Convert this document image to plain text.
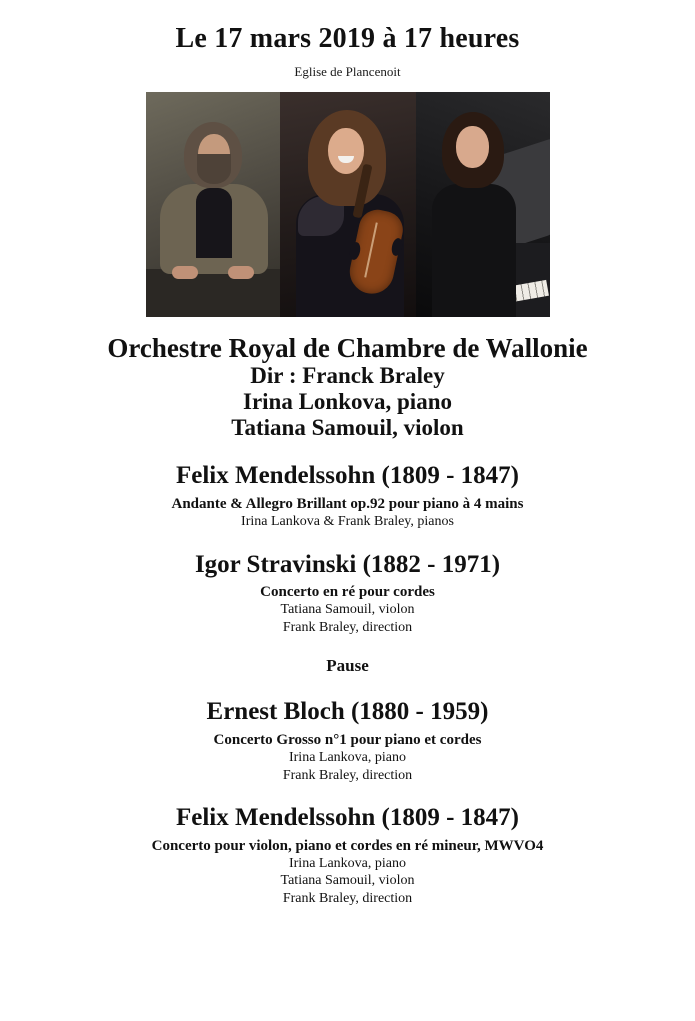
Le 17 mars 2019 à 17 heures
Eglise de Plancenoit
Orchestre Royal de Chambre de Wallonie
Dir : Franck Braley
Irina Lonkova, piano
Tatiana Samouil, violon
Felix Mendelssohn (1809 - 1847)
Andante & Allegro Brillant op.92 pour piano à 4 mains
Irina Lankova & Frank Braley, pianos
Igor Stravinski (1882 - 1971)
Concerto en ré pour cordes
Tatiana Samouil, violon
Frank Braley, direction
Pause
Ernest Bloch (1880 - 1959)
Concerto Grosso n°1 pour piano et cordes
Irina Lankova, piano
Frank Braley, direction
Felix Mendelssohn (1809 - 1847)
Concerto pour violon, piano et cordes en ré mineur, MWVO4
Irina Lankova, piano
Tatiana Samouil, violon
Frank Braley, direction
